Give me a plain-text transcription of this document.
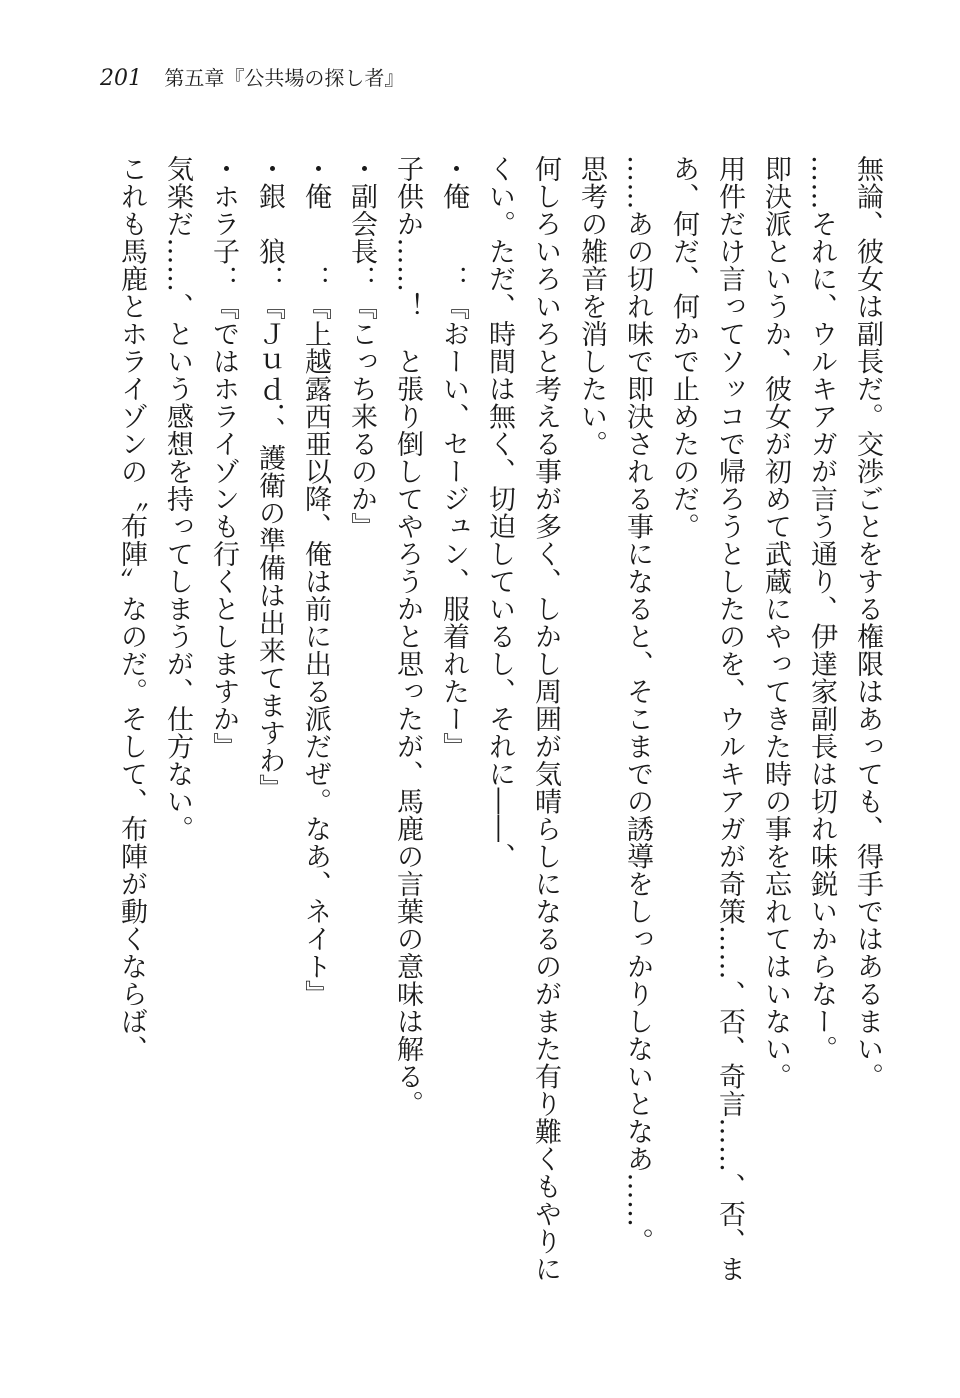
201 第五章『公共場の探し者』
無論、彼女は副長だ。交渉ごとをする権限はあっても、得手ではあるまい。
……それに、ウルキアガが言う通り、伊達家副長は切れ味鋭いからなー。
即決派というか、彼女が初めて武蔵にやってきた時の事を忘れてはいない。
用件だけ言ってソッコで帰ろうとしたのを、ウルキアガが奇策……、否、奇言……、否、ま
あ、何だ、何かで止めたのだ。
……あの切れ味で即決される事になると、そこまでの誘導をしっかりしないとなあ……。
思考の雑音を消したい。
何しろいろいろと考える事が多く、しかし周囲が気晴らしになるのがまた有り難くもやりに
くい。ただ、時間は無く、切迫しているし、それに――、
・俺　　：『おーい、セージュン、服着れたー』
子供か……！　と張り倒してやろうかと思ったが、馬鹿の言葉の意味は解る。
・副会長：『こっち来るのか』
・俺　　：『上越露西亜以降、俺は前に出る派だぜ。なあ、ネイト』
・銀　狼：『Ｊｕｄ．、護衛の準備は出来てますわ』
・ホラ子：『ではホライゾンも行くとしますか』
気楽だ……、という感想を持ってしまうが、仕方ない。
これも馬鹿とホライゾンの〝布陣〟なのだ。そして、布陣が動くならば、
